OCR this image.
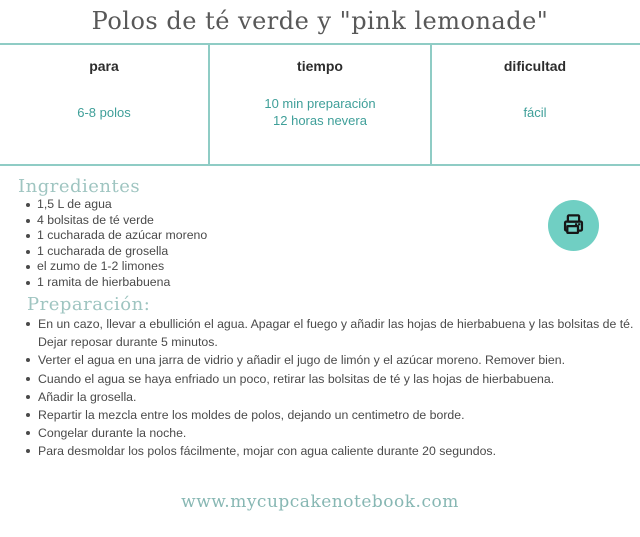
Polos de té verde y "pink lemonade"
para
6-8 polos
tiempo
10 min preparación
12 horas nevera
dificultad
fácil
Ingredientes
1,5 L de agua
4 bolsitas de té verde
1 cucharada de azúcar moreno
1 cucharada de grosella
el zumo de 1-2 limones
1 ramita de hierbabuena
Preparación:
En un cazo, llevar a ebullición el agua. Apagar el fuego y añadir las hojas de hierbabuena y las bolsitas de té. Dejar reposar durante 5 minutos.
Verter el agua en una jarra de vidrio y añadir el jugo de limón y el azúcar moreno. Remover bien.
Cuando el agua se haya enfriado un poco, retirar las bolsitas de té y las hojas de hierbabuena.
Añadir la grosella.
Repartir la mezcla entre los moldes de polos, dejando un centimetro de borde.
Congelar durante la noche.
Para desmoldar los polos fácilmente, mojar con agua caliente durante 20 segundos.
www.mycupcakenotebook.com
